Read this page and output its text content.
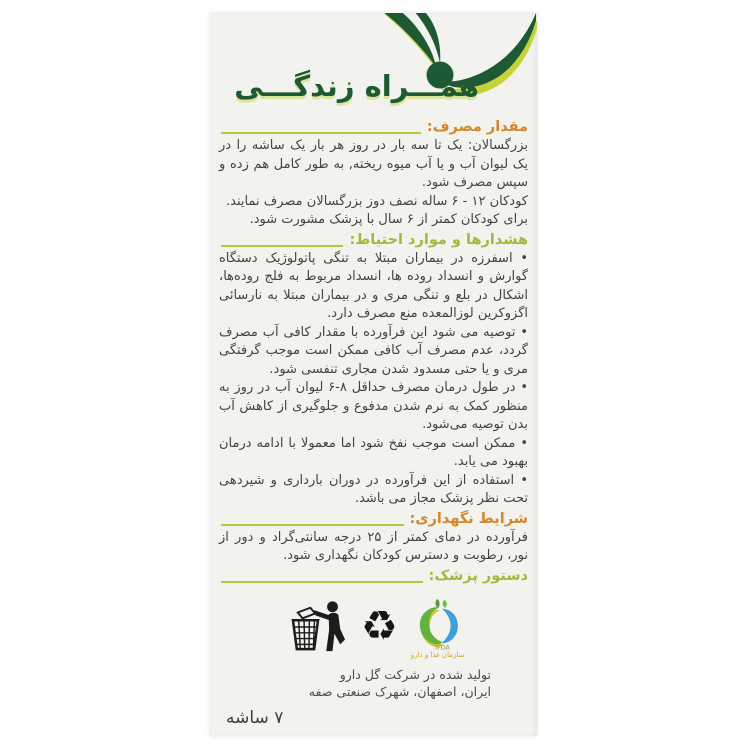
همـــراه زندگـــی
مقدار مصرف:

بزرگسالان: یک تا سه بار در روز هر بار یک ساشه را در یک لیوان آب و یا آب میوه ریخته, به طور کامل هم زده و سپس مصرف شود.

کودکان ۱۲ - ۶ ساله نصف دوز بزرگسالان مصرف نمایند.

برای کودکان کمتر از ۶ سال با پزشک مشورت شود.

هشدارها و موارد احتیاط:

• اسفرزه در بیماران مبتلا به تنگی پاتولوژیک دستگاه گوارش و انسداد روده ها، انسداد مربوط به فلج روده‌ها، اشکال در بلع و تنگی مری و در بیماران مبتلا به نارسائی اگزوکرین لوزالمعده منع مصرف دارد.

• توصیه می شود این فرآورده با مقدار کافی آب مصرف گردد، عدم مصرف آب کافی ممکن است موجب گرفتگی مری و یا حتی مسدود شدن مجاری تنفسی شود.

• در طول درمان مصرف حداقل ۸-۶ لیوان آب در روز به منظور کمک به نرم شدن مدفوع و جلوگیری از کاهش آب بدن توصیه می‌شود.

• ممکن است موجب نفخ شود اما معمولا با ادامه درمان بهبود می یابد.

• استفاده از این فرآورده در دوران بارداری و شیردهی تحت نظر پزشک مجاز می باشد.

شرایط نگهداری:

فرآورده در دمای کمتر از ۲۵ درجه سانتی‌گراد و دور از نور، رطوبت و دسترس کودکان نگهداری شود.

دستور پزشک:
♻	IFDA
سازمان غذا و دارو
تولید شده در شرکت گل دارو
ایران، اصفهان، شهرک صنعتی صفه
۷ ساشه
